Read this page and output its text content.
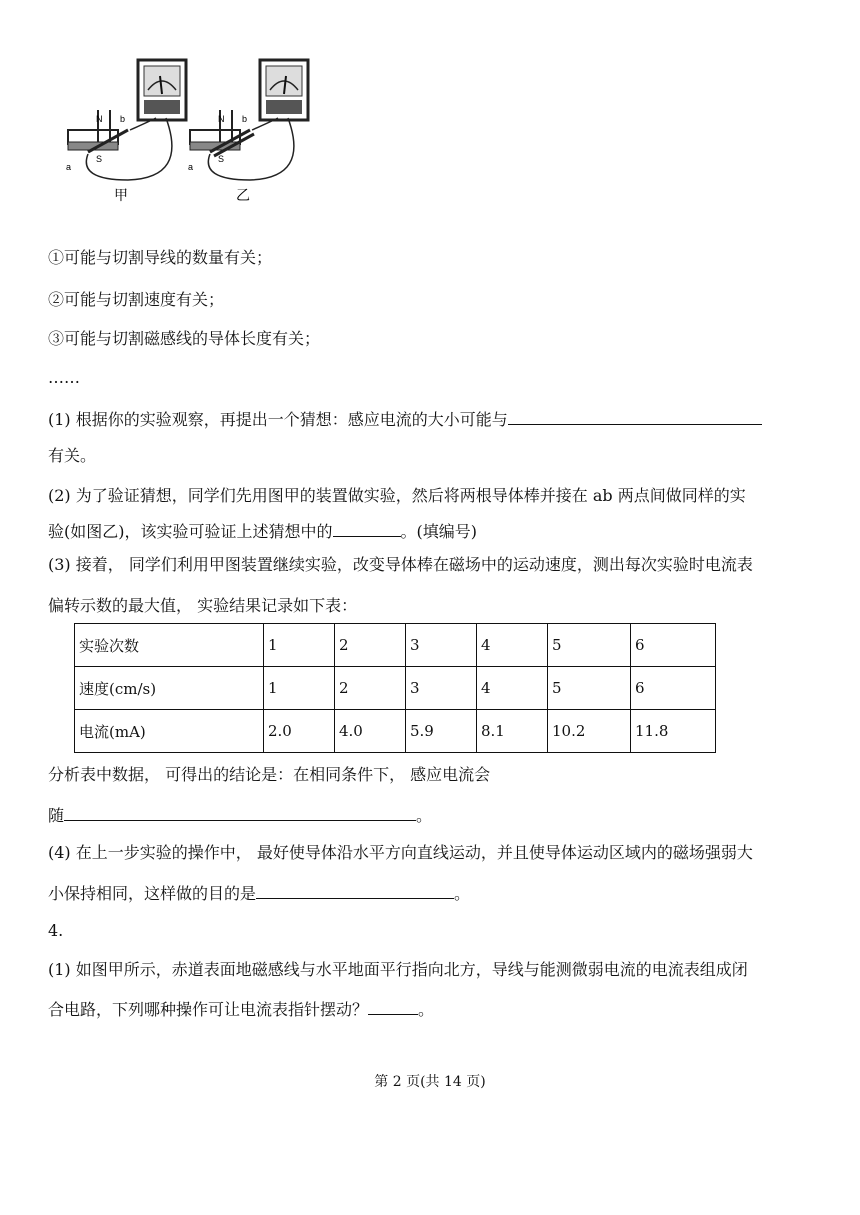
N
S
a
b
甲
N
S
a
b
乙
①可能与切割导线的数量有关；
②可能与切割速度有关；
③可能与切割磁感线的导体长度有关；
……
(1) 根据你的实验观察，再提出一个猜想：感应电流的大小可能与
有关。
(2) 为了验证猜想，同学们先用图甲的装置做实验，然后将两根导体棒并接在 ab 两点间做同样的实
验(如图乙)，该实验可验证上述猜想中的	。(填编号)
(3) 接着， 同学们利用甲图装置继续实验，改变导体棒在磁场中的运动速度，测出每次实验时电流表
偏转示数的最大值， 实验结果记录如下表：
实验次数	1	2	3	4	5	6
速度(cm/s)	1	2	3	4	5	6
电流(mA)	2.0	4.0	5.9	8.1	10.2	11.8
分析表中数据， 可得出的结论是：在相同条件下， 感应电流会
随	。
(4) 在上一步实验的操作中， 最好使导体沿水平方向直线运动，并且使导体运动区域内的磁场强弱大
小保持相同，这样做的目的是	。
4.
(1) 如图甲所示，赤道表面地磁感线与水平地面平行指向北方，导线与能测微弱电流的电流表组成闭
合电路，下列哪种操作可让电流表指针摆动？	。
第 2 页(共 14 页)
